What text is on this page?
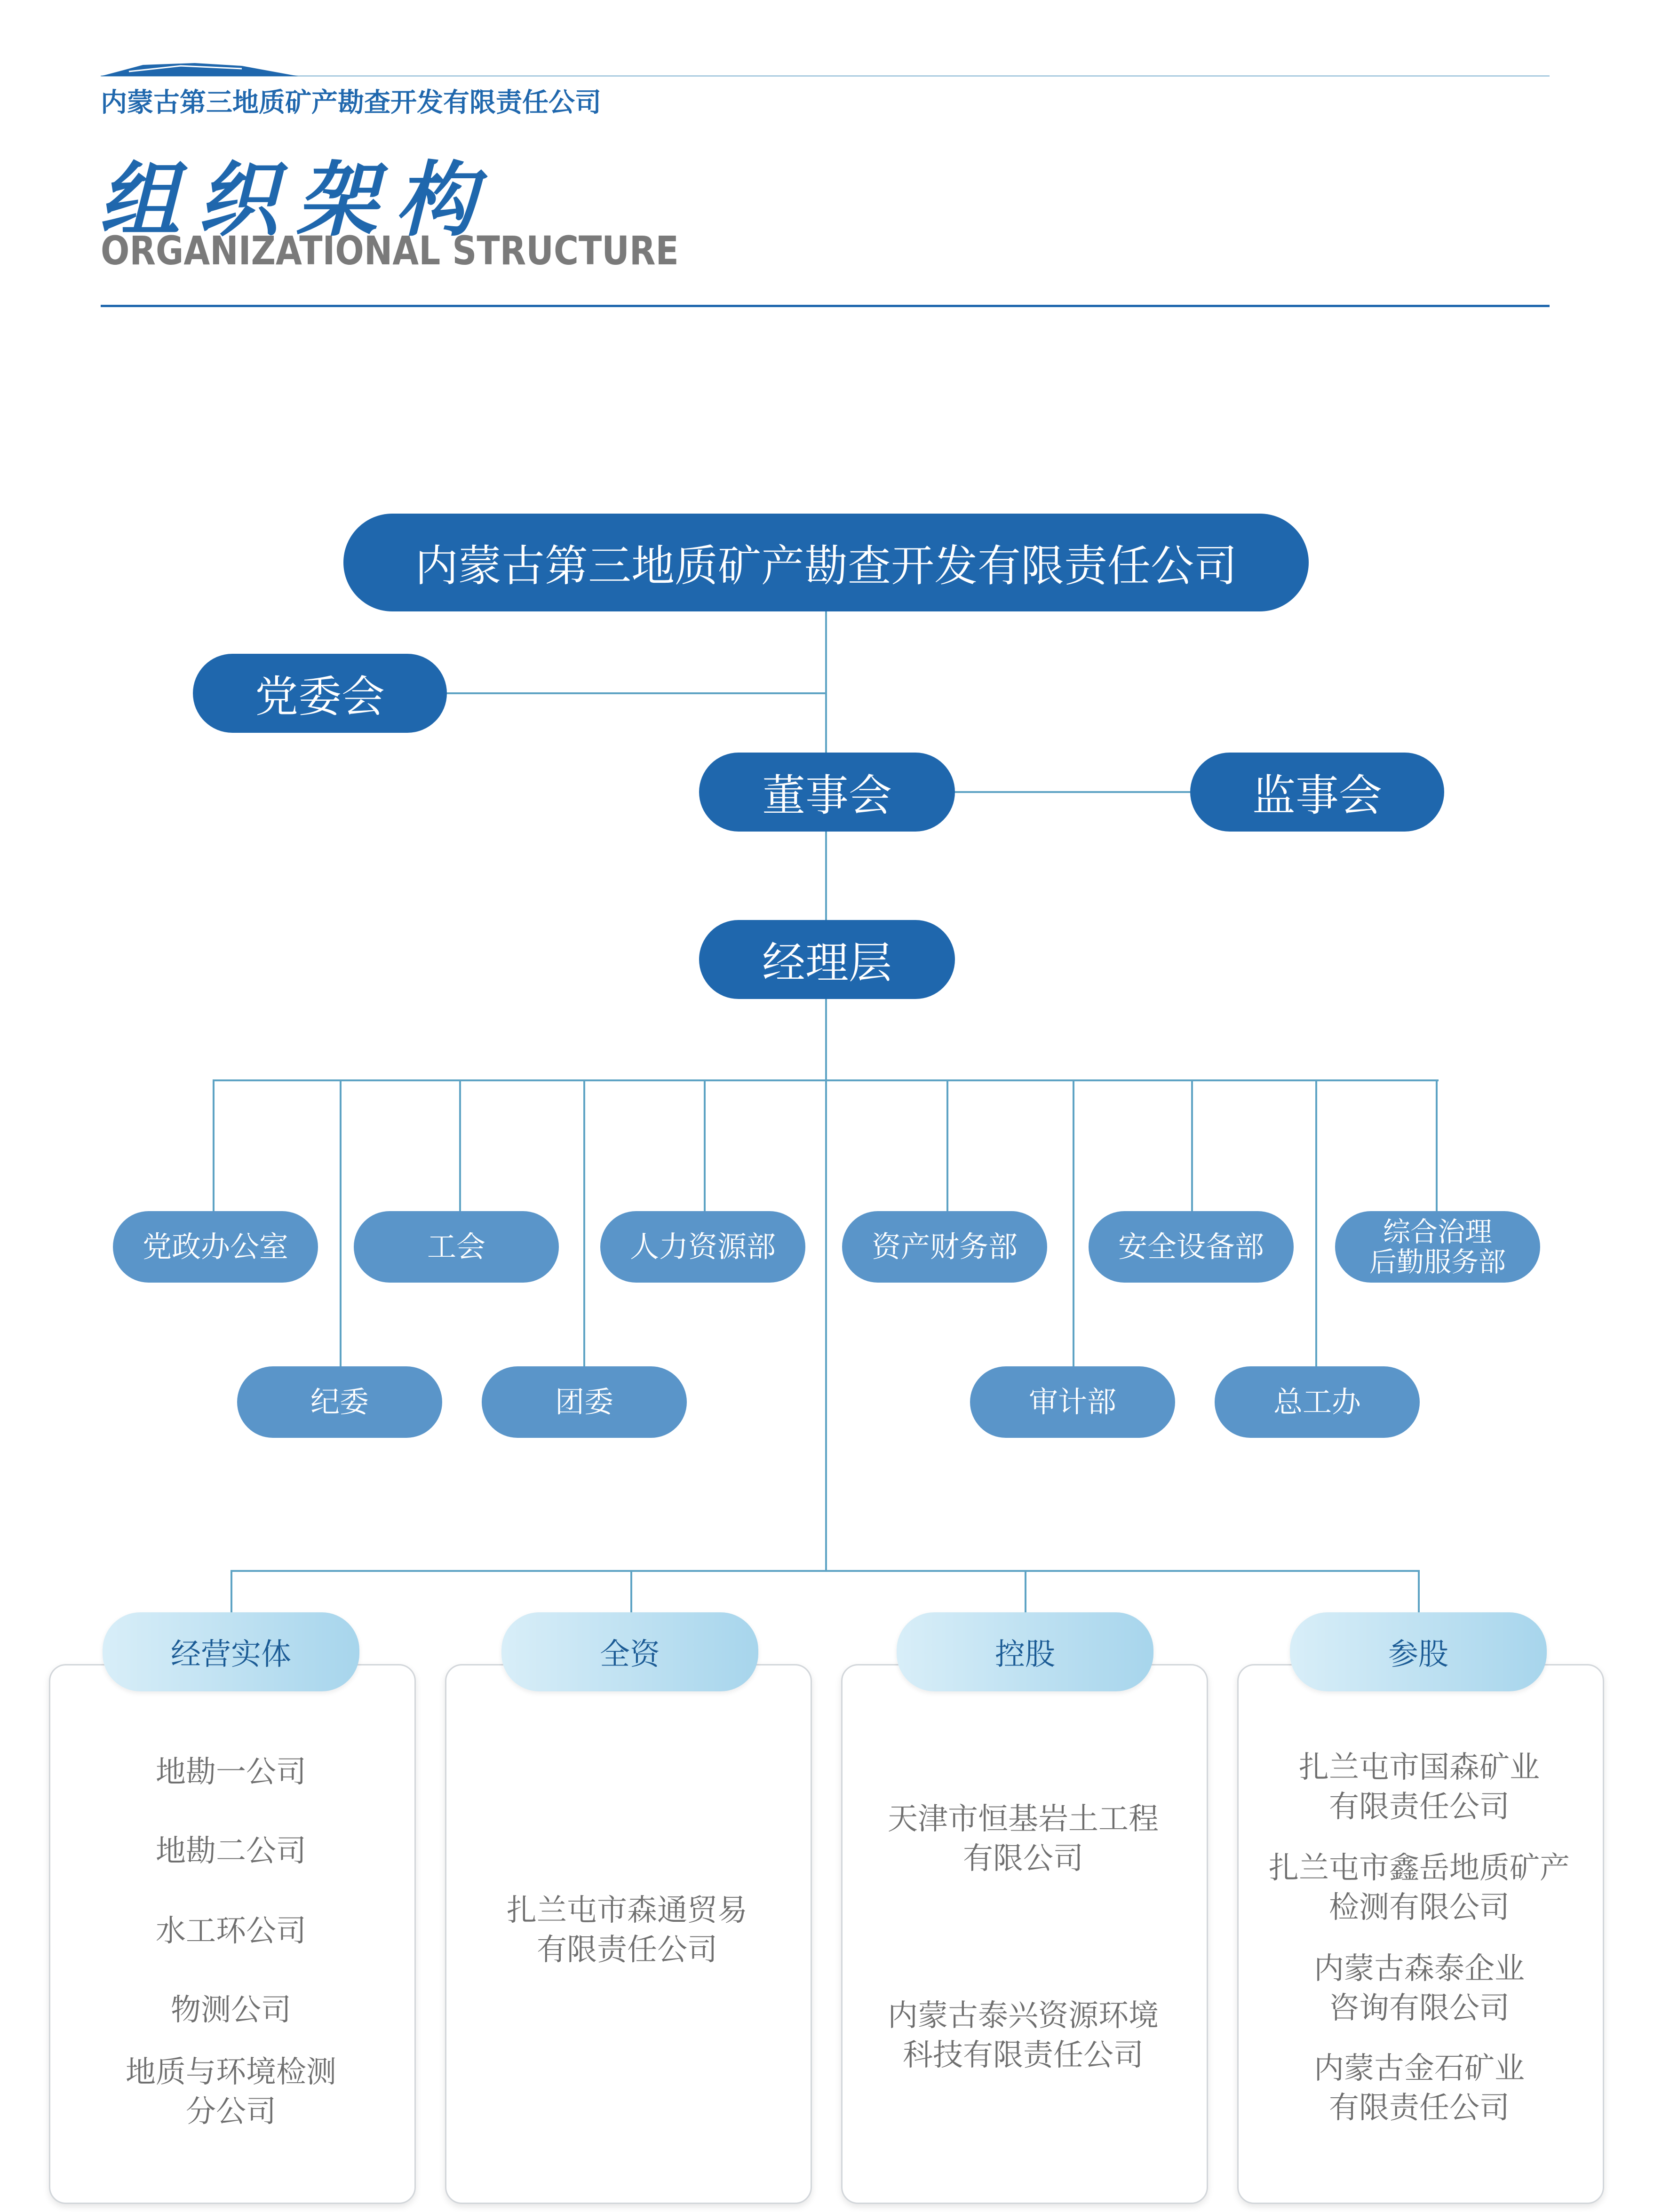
内蒙古第三地质矿产勘查开发有限责任公司
组织架构
ORGANIZATIONAL STRUCTURE
内蒙古第三地质矿产勘查开发有限责任公司
党委会
董事会	监事会
经理层
党政办公室	工会	人力资源部	资产财务部	安全设备部	综合治理
后勤服务部
纪委	团委	审计部	总工办
经营实体	全资	控股	参股
地勘一公司
地勘二公司
水工环公司
物测公司
地质与环境检测
分公司
扎兰屯市森通贸易
有限责任公司
天津市恒基岩土工程
有限公司
内蒙古泰兴资源环境
科技有限责任公司
扎兰屯市国森矿业
有限责任公司
扎兰屯市鑫岳地质矿产
检测有限公司
内蒙古森泰企业
咨询有限公司
内蒙古金石矿业
有限责任公司
